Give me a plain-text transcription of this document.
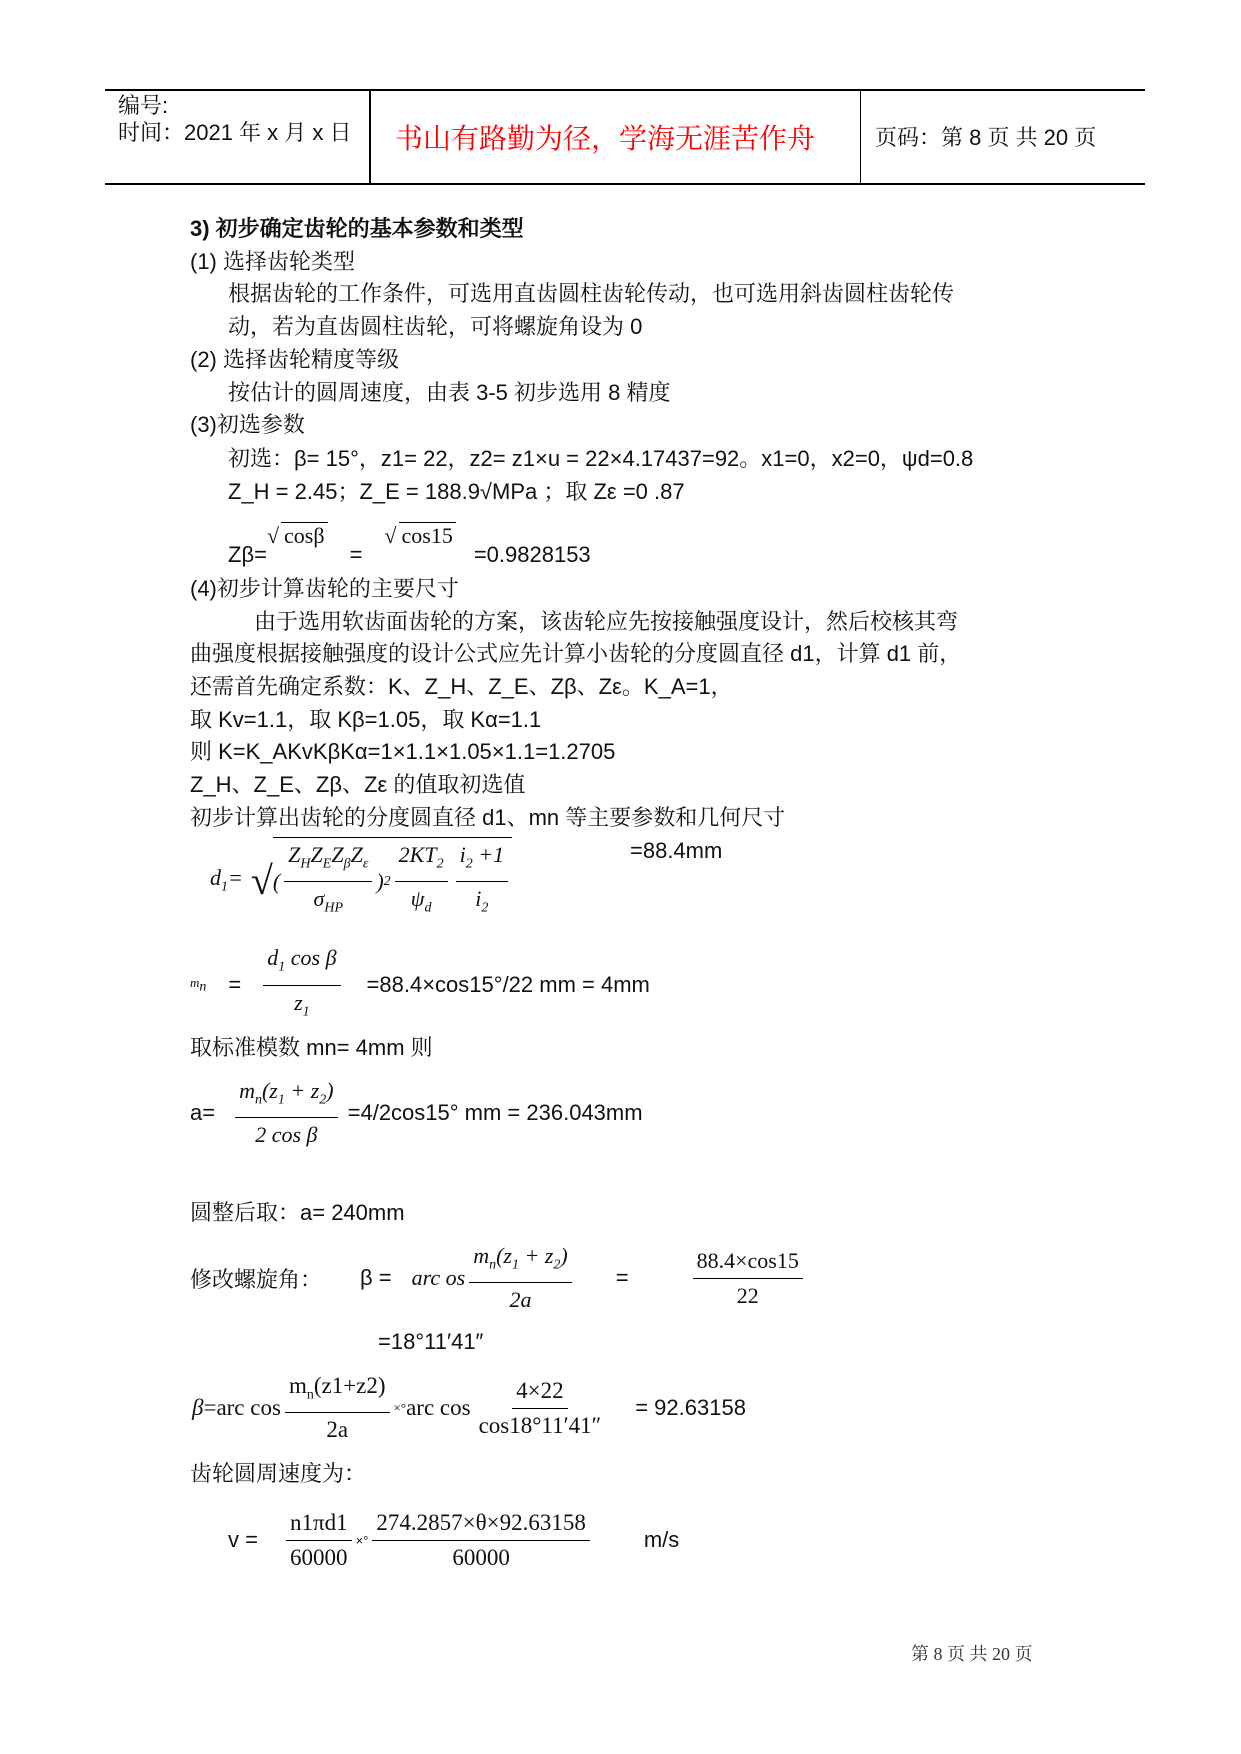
编号:
时间：2021 年 x 月 x 日 书山有路勤为径，学海无涯苦作舟	页码：第 8 页 共 20 页
3) 初步确定齿轮的基本参数和类型
(1) 选择齿轮类型
根据齿轮的工作条件，可选用直齿圆柱齿轮传动，也可选用斜齿圆柱齿轮传
动，若为直齿圆柱齿轮，可将螺旋角设为 0
(2) 选择齿轮精度等级
按估计的圆周速度，由表 3-5 初步选用 8 精度
(3)初选参数
初选：β= 15°，z1= 22，z2= z1×u = 22×4.17437=92。x1=0，x2=0，ψd=0.8
Z_H = 2.45；Z_E = 188.9√MPa ；取 Zε =0 .87
Zβ=
√ cosβ
=
√ cos15
=0.9828153
(4)初步计算齿轮的主要尺寸
由于选用软齿面齿轮的方案，该齿轮应先按接触强度设计，然后校核其弯
曲强度根据接触强度的设计公式应先计算小齿轮的分度圆直径 d1，计算 d1 前，
还需首先确定系数：K、Z_H、Z_E、Zβ、Zε。K_A=1，
取 Kv=1.1，取 Kβ=1.05，取 Kα=1.1
则 K=K_AKvKβKα=1×1.1×1.05×1.1=1.2705
Z_H、Z_E、Zβ、Zε 的值取初选值
初步计算出齿轮的分度圆直径 d1、mn 等主要参数和几何尺寸
$d_1=$ √ ( $\frac{Z_HZ_EZ_\beta Z_\varepsilon}{\sigma_{HP}}$ ) $2 \frac{2KT_2}{\psi_d} \frac{i_2 +1}{i_2}$	=88.4mm
$m_n = \frac{d_1 \cos \beta}{z_1} =88.4\times\cos 15^\circ/22$ mm = 4mm
取标准模数 mn= 4mm 则
$a= \frac{m_n(z_1 + z_2)}{\text{2 cos β}} =4/2\cos 15^\circ$ mm = 236.043mm
圆整后取：a= 240mm
修改螺旋角： β = arc os $\frac{m_n(z_1 + z_2)}{2a}$ =	$\frac{88.4\times\cos 15}{22}$
=18°11′41″
β =arc $\cos \frac{m_n(z1+z2)}{2a}$ ×° arc $\cos \frac{4\times 22}{\cos 18^\circ 11'41''} = 92.63158$
齿轮圆周速度为：
$v = \frac{n1\pi d1}{60000}$ ×° $\frac{274.2857\times\theta\times 92.63158}{60000} m/s$
第 8 页 共 20 页
